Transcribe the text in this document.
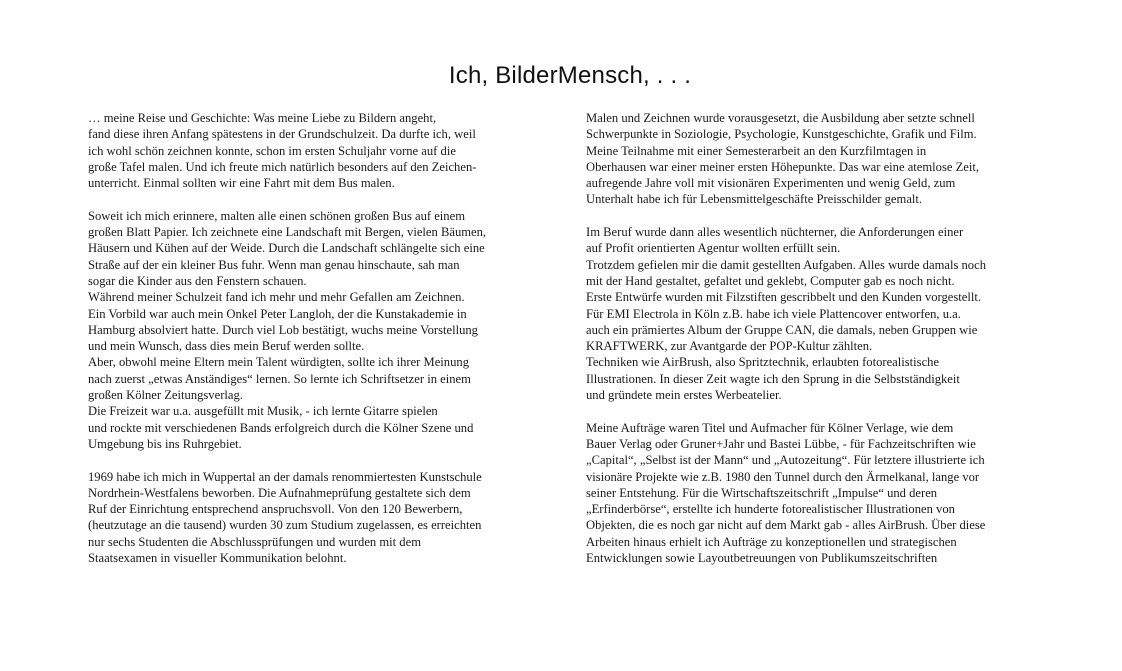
Ich, BilderMensch, . . .
… meine Reise und Geschichte: Was meine Liebe zu Bildern angeht,
fand diese ihren Anfang spätestens in der Grundschulzeit. Da durfte ich, weil
ich wohl schön zeichnen konnte, schon im ersten Schuljahr vorne auf die
große Tafel malen. Und ich freute mich natürlich besonders auf den Zeichen-
unterricht. Einmal sollten wir eine Fahrt mit dem Bus malen.
Soweit ich mich erinnere, malten alle einen schönen großen Bus auf einem
großen Blatt Papier. Ich zeichnete eine Landschaft mit Bergen, vielen Bäumen,
Häusern und Kühen auf der Weide. Durch die Landschaft schlängelte sich eine
Straße auf der ein kleiner Bus fuhr. Wenn man genau hinschaute, sah man
sogar die Kinder aus den Fenstern schauen.
Während meiner Schulzeit fand ich mehr und mehr Gefallen am Zeichnen.
Ein Vorbild war auch mein Onkel Peter Langloh, der die Kunstakademie in
Hamburg absolviert hatte. Durch viel Lob bestätigt, wuchs meine Vorstellung
und mein Wunsch, dass dies mein Beruf werden sollte.
Aber, obwohl meine Eltern mein Talent würdigten, sollte ich ihrer Meinung
nach zuerst „etwas Anständiges“ lernen. So lernte ich Schriftsetzer in einem
großen Kölner Zeitungsverlag.
Die Freizeit war u.a. ausgefüllt mit Musik, - ich lernte Gitarre spielen
und rockte mit verschiedenen Bands erfolgreich durch die Kölner Szene und
Umgebung bis ins Ruhrgebiet.
1969 habe ich mich in Wuppertal an der damals renommiertesten Kunstschule
Nordrhein-Westfalens beworben. Die Aufnahmeprüfung gestaltete sich dem
Ruf der Einrichtung entsprechend anspruchsvoll. Von den 120 Bewerbern,
(heutzutage an die tausend) wurden 30 zum Studium zugelassen, es erreichten
nur sechs Studenten die Abschlussprüfungen und wurden mit dem
Staatsexamen in visueller Kommunikation belohnt.
Malen und Zeichnen wurde vorausgesetzt, die Ausbildung aber setzte schnell
Schwerpunkte in Soziologie, Psychologie, Kunstgeschichte, Grafik und Film.
Meine Teilnahme mit einer Semesterarbeit an den Kurzfilmtagen in
Oberhausen war einer meiner ersten Höhepunkte. Das war eine atemlose Zeit,
aufregende Jahre voll mit visionären Experimenten und wenig Geld, zum
Unterhalt habe ich für Lebensmittelgeschäfte Preisschilder gemalt.
Im Beruf wurde dann alles wesentlich nüchterner, die Anforderungen einer
auf Profit orientierten Agentur wollten erfüllt sein.
Trotzdem gefielen mir die damit gestellten Aufgaben. Alles wurde damals noch
mit der Hand gestaltet, gefaltet und geklebt, Computer gab es noch nicht.
Erste Entwürfe wurden mit Filzstiften gescribbelt und den Kunden vorgestellt.
Für EMI Electrola in Köln z.B. habe ich viele Plattencover entworfen, u.a.
auch ein prämiertes Album der Gruppe CAN, die damals, neben Gruppen wie
KRAFTWERK, zur Avantgarde der POP-Kultur zählten.
Techniken wie AirBrush, also Spritztechnik, erlaubten fotorealistische
Illustrationen. In dieser Zeit wagte ich den Sprung in die Selbstständigkeit
und gründete mein erstes Werbeatelier.
Meine Aufträge waren Titel und Aufmacher für Kölner Verlage, wie dem
Bauer Verlag oder Gruner+Jahr und Bastei Lübbe, - für Fachzeitschriften wie
„Capital“, „Selbst ist der Mann“ und „Autozeitung“. Für letztere illustrierte ich
visionäre Projekte wie z.B. 1980 den Tunnel durch den Ärmelkanal, lange vor
seiner Entstehung. Für die Wirtschaftszeitschrift „Impulse“ und deren
„Erfinderbörse“, erstellte ich hunderte fotorealistischer Illustrationen von
Objekten, die es noch gar nicht auf dem Markt gab - alles AirBrush. Über diese
Arbeiten hinaus erhielt ich Aufträge zu konzeptionellen und strategischen
Entwicklungen sowie Layoutbetreuungen von Publikumszeitschriften
